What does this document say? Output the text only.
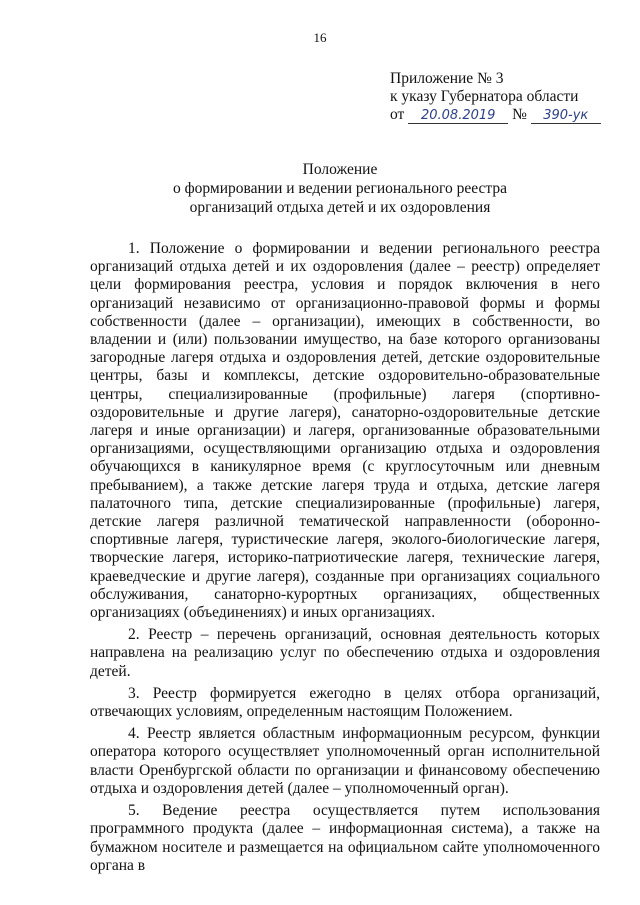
16
Приложение № 3
к указу Губернатора области
от 20.08.2019 № 390-ук
Положение
о формировании и ведении регионального реестра
организаций отдыха детей и их оздоровления

1. Положение о формировании и ведении регионального реестра организаций отдыха детей и их оздоровления (далее – реестр) определяет цели формирования реестра, условия и порядок включения в него организаций независимо от организационно-правовой формы и формы собственности (далее – организации), имеющих в собственности, во владении и (или) пользовании имущество, на базе которого организованы загородные лагеря отдыха и оздоровления детей, детские оздоровительные центры, базы и комплексы, детские оздоровительно-образовательные центры, специализированные (профильные) лагеря (спортивно-оздоровительные и другие лагеря), санаторно-оздоровительные детские лагеря и иные организации) и лагеря, организованные образовательными организациями, осуществляющими организацию отдыха и оздоровления обучающихся в каникулярное время (с круглосуточным или дневным пребыванием), а также детские лагеря труда и отдыха, детские лагеря палаточного типа, детские специализированные (профильные) лагеря, детские лагеря различной тематической направленности (оборонно-спортивные лагеря, туристические лагеря, эколого-биологические лагеря, творческие лагеря, историко-патриотические лагеря, технические лагеря, краеведческие и другие лагеря), созданные при организациях социального обслуживания, санаторно-курортных организациях, общественных организациях (объединениях) и иных организациях.

2. Реестр – перечень организаций, основная деятельность которых направлена на реализацию услуг по обеспечению отдыха и оздоровления детей.

3. Реестр формируется ежегодно в целях отбора организаций, отвечающих условиям, определенным настоящим Положением.

4. Реестр является областным информационным ресурсом, функции оператора которого осуществляет уполномоченный орган исполнительной власти Оренбургской области по организации и финансовому обеспечению отдыха и оздоровления детей (далее – уполномоченный орган).

5. Ведение реестра осуществляется путем использования программного продукта (далее – информационная система), а также на бумажном носителе и размещается на официальном сайте уполномоченного органа в
